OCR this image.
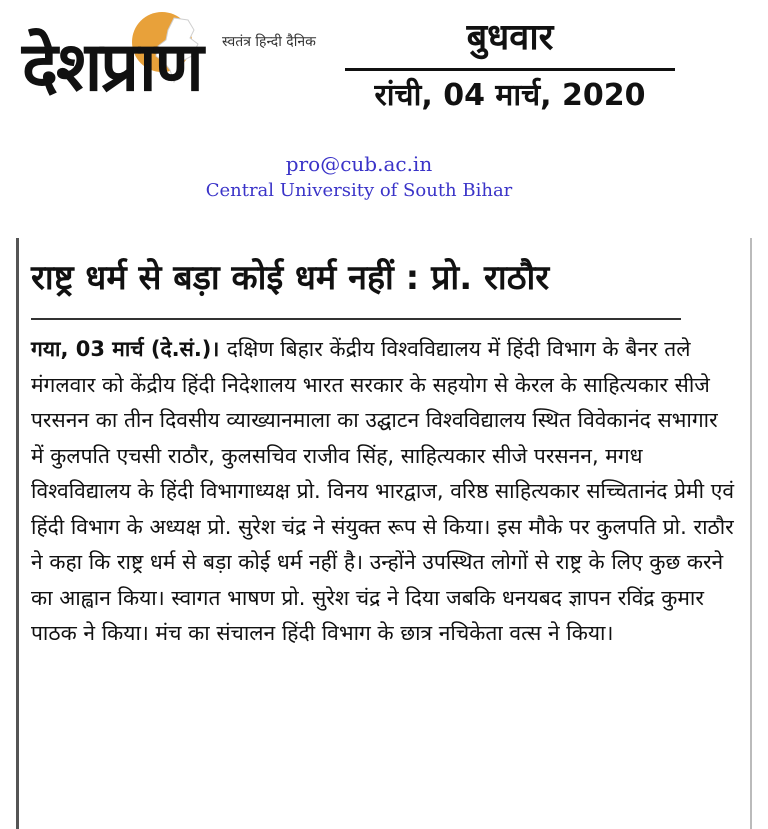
देशप्राण स्वतंत्र हिन्दी दैनिक	बुधवार
रांची, 04 मार्च, 2020
pro@cub.ac.in
Central University of South Bihar
राष्ट्र धर्म से बड़ा कोई धर्म नहीं : प्रो. राठौर
गया, 03 मार्च (दे.सं.)। दक्षिण बिहार केंद्रीय विश्वविद्यालय में हिंदी विभाग के बैनर तले मंगलवार को केंद्रीय हिंदी निदेशालय भारत सरकार के सहयोग से केरल के साहित्यकार सीजे परसनन का तीन दिवसीय व्याख्यानमाला का उद्घाटन विश्वविद्यालय स्थित विवेकानंद सभागार में कुलपति एचसी राठौर, कुलसचिव राजीव सिंह, साहित्यकार सीजे परसनन, मगध विश्वविद्यालय के हिंदी विभागाध्यक्ष प्रो. विनय भारद्वाज, वरिष्ठ साहित्यकार सच्चितानंद प्रेमी एवं हिंदी विभाग के अध्यक्ष प्रो. सुरेश चंद्र ने संयुक्त रूप से किया। इस मौके पर कुलपति प्रो. राठौर ने कहा कि राष्ट्र धर्म से बड़ा कोई धर्म नहीं है। उन्होंने उपस्थित लोगों से राष्ट्र के लिए कुछ करने का आह्वान किया। स्वागत भाषण प्रो. सुरेश चंद्र ने दिया जबकि धनयबद ज्ञापन रविंद्र कुमार पाठक ने किया। मंच का संचालन हिंदी विभाग के छात्र नचिकेता वत्स ने किया।
